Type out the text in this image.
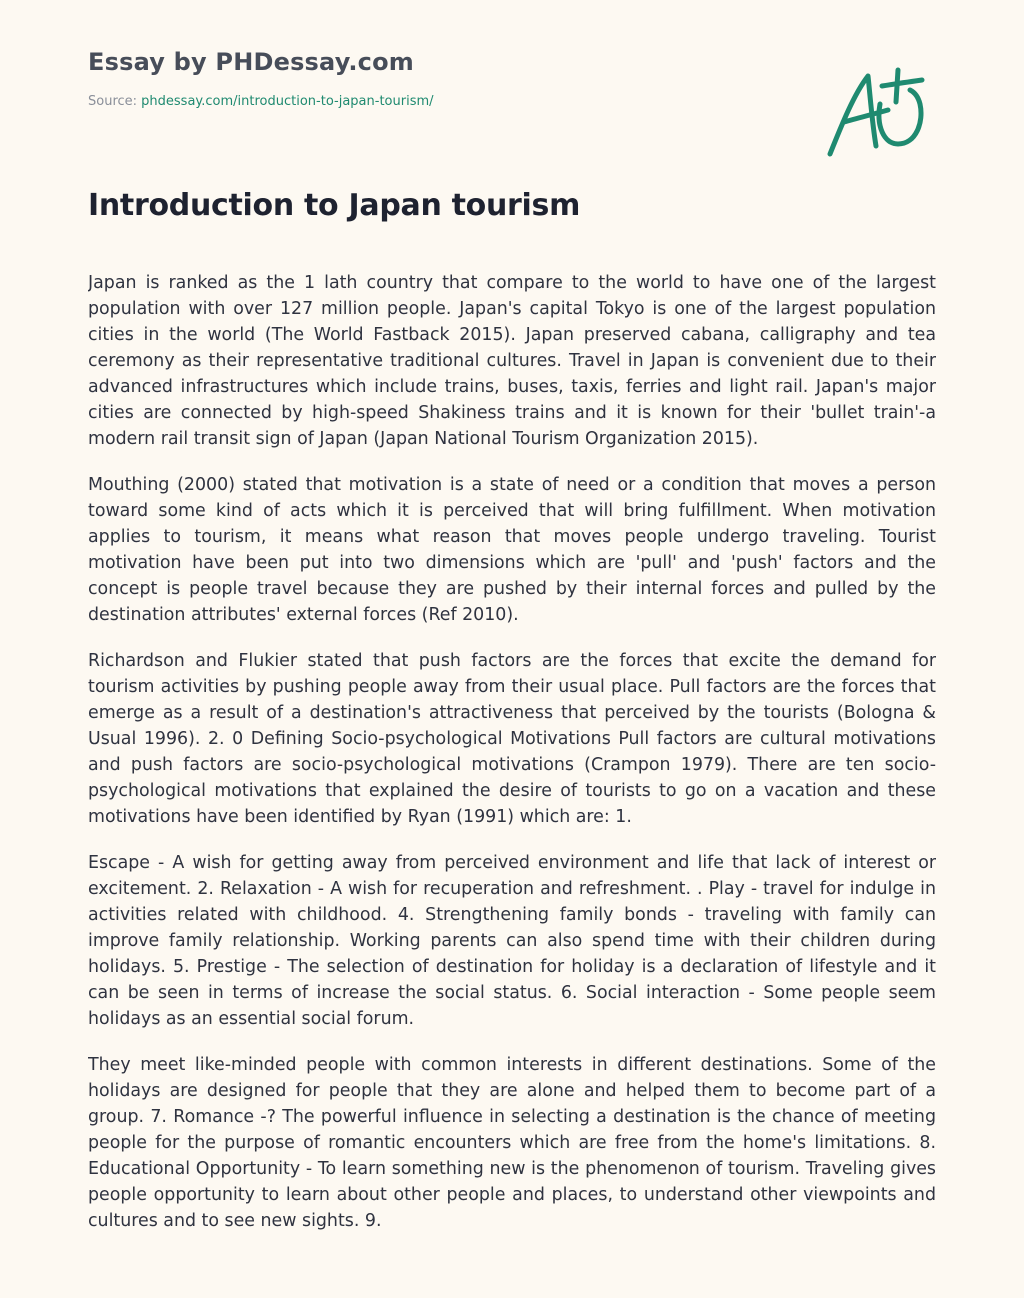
Essay by PHDessay.com
Source: phdessay.com/introduction-to-japan-tourism/
Introduction to Japan tourism

Japan is ranked as the 1 lath country that compare to the world to have one of the largest population with over 127 million people. Japan's capital Tokyo is one of the largest population cities in the world (The World Fastback 2015). Japan preserved cabana, calligraphy and tea ceremony as their representative traditional cultures. Travel in Japan is convenient due to their advanced infrastructures which include trains, buses, taxis, ferries and light rail. Japan's major cities are connected by high-speed Shakiness trains and it is known for their 'bullet train'-a modern rail transit sign of Japan (Japan National Tourism Organization 2015).

Mouthing (2000) stated that motivation is a state of need or a condition that moves a person toward some kind of acts which it is perceived that will bring fulfillment. When motivation applies to tourism, it means what reason that moves people undergo traveling. Tourist motivation have been put into two dimensions which are 'pull' and 'push' factors and the concept is people travel because they are pushed by their internal forces and pulled by the destination attributes' external forces (Ref 2010).

Richardson and Flukier stated that push factors are the forces that excite the demand for tourism activities by pushing people away from their usual place. Pull factors are the forces that emerge as a result of a destination's attractiveness that perceived by the tourists (Bologna & Usual 1996). 2. 0 Defining Socio-psychological Motivations Pull factors are cultural motivations and push factors are socio-psychological motivations (Crampon 1979). There are ten socio-psychological motivations that explained the desire of tourists to go on a vacation and these motivations have been identified by Ryan (1991) which are: 1.

Escape - A wish for getting away from perceived environment and life that lack of interest or excitement. 2. Relaxation - A wish for recuperation and refreshment. . Play - travel for indulge in activities related with childhood. 4. Strengthening family bonds - traveling with family can improve family relationship. Working parents can also spend time with their children during holidays. 5. Prestige - The selection of destination for holiday is a declaration of lifestyle and it can be seen in terms of increase the social status. 6. Social interaction - Some people seem holidays as an essential social forum.

They meet like-minded people with common interests in different destinations. Some of the holidays are designed for people that they are alone and helped them to become part of a group. 7. Romance -? The powerful influence in selecting a destination is the chance of meeting people for the purpose of romantic encounters which are free from the home's limitations. 8. Educational Opportunity - To learn something new is the phenomenon of tourism. Traveling gives people opportunity to learn about other people and places, to understand other viewpoints and cultures and to see new sights. 9.
